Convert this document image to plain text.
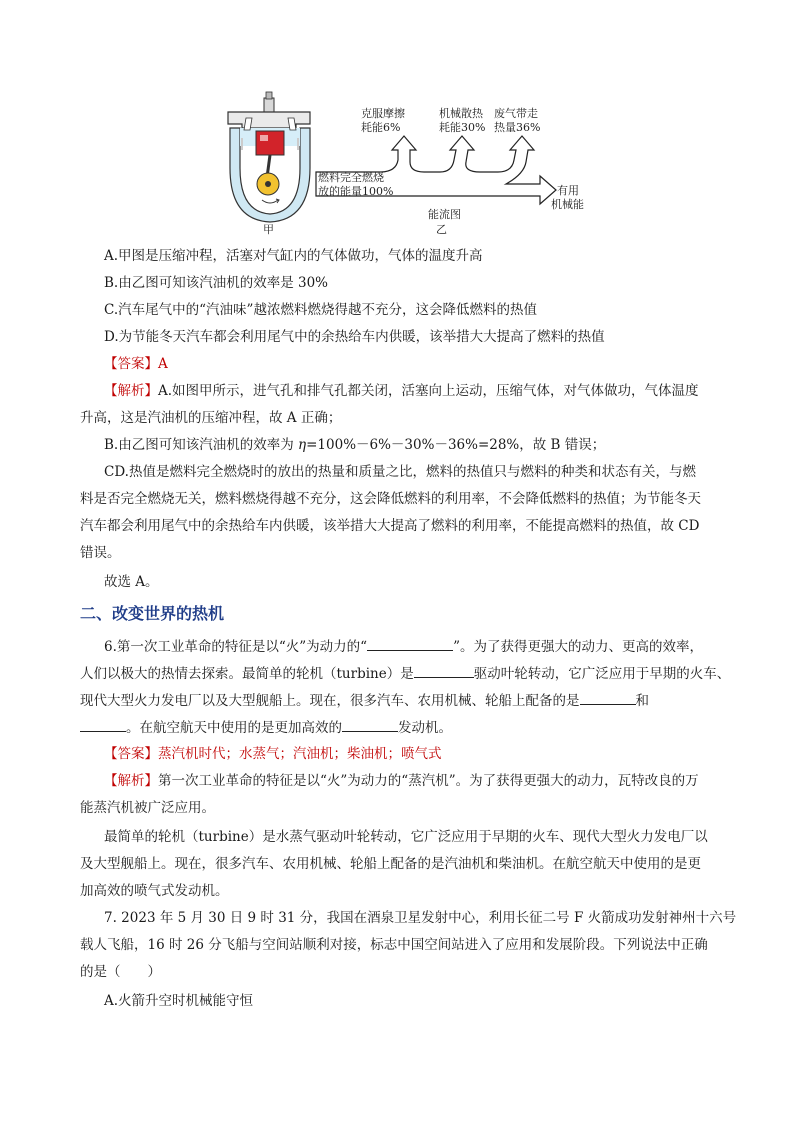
甲
克服摩擦
耗能6%
机械散热
耗能30%
废气带走
热量36%
燃料完全燃烧
放的能量100%	有用
机械能
能流图
乙
A.甲图是压缩冲程，活塞对气缸内的气体做功，气体的温度升高
B.由乙图可知该汽油机的效率是 30%
C.汽车尾气中的“汽油味”越浓燃料燃烧得越不充分，这会降低燃料的热值
D.为节能冬天汽车都会利用尾气中的余热给车内供暖，该举措大大提高了燃料的热值
【答案】A
【解析】A.如图甲所示，进气孔和排气孔都关闭，活塞向上运动，压缩气体，对气体做功，气体温度
升高，这是汽油机的压缩冲程，故 A 正确；
B.由乙图可知该汽油机的效率为 η=100%－6%－30%－36%=28%，故 B 错误；
CD.热值是燃料完全燃烧时的放出的热量和质量之比，燃料的热值只与燃料的种类和状态有关，与燃
料是否完全燃烧无关，燃料燃烧得越不充分，这会降低燃料的利用率，不会降低燃料的热值；为节能冬天
汽车都会利用尾气中的余热给车内供暖，该举措大大提高了燃料的利用率，不能提高燃料的热值，故 CD
错误。
故选 A。
二、改变世界的热机
6.第一次工业革命的特征是以“火”为动力的“	”。为了获得更强大的动力、更高的效率，
人们以极大的热情去探索。最简单的轮机（turbine）是	驱动叶轮转动，它广泛应用于早期的火车、
现代大型火力发电厂以及大型舰船上。现在，很多汽车、农用机械、轮船上配备的是	和
。在航空航天中使用的是更加高效的	发动机。
【答案】蒸汽机时代；水蒸气；汽油机；柴油机；喷气式
【解析】第一次工业革命的特征是以“火”为动力的“蒸汽机”。为了获得更强大的动力，瓦特改良的万
能蒸汽机被广泛应用。
最简单的轮机（turbine）是水蒸气驱动叶轮转动，它广泛应用于早期的火车、现代大型火力发电厂以
及大型舰船上。现在，很多汽车、农用机械、轮船上配备的是汽油机和柴油机。在航空航天中使用的是更
加高效的喷气式发动机。
7. 2023 年 5 月 30 日 9 时 31 分，我国在酒泉卫星发射中心，利用长征二号 F 火箭成功发射神州十六号
载人飞船，16 时 26 分飞船与空间站顺利对接，标志中国空间站进入了应用和发展阶段。下列说法中正确
的是（　　）
A.火箭升空时机械能守恒
